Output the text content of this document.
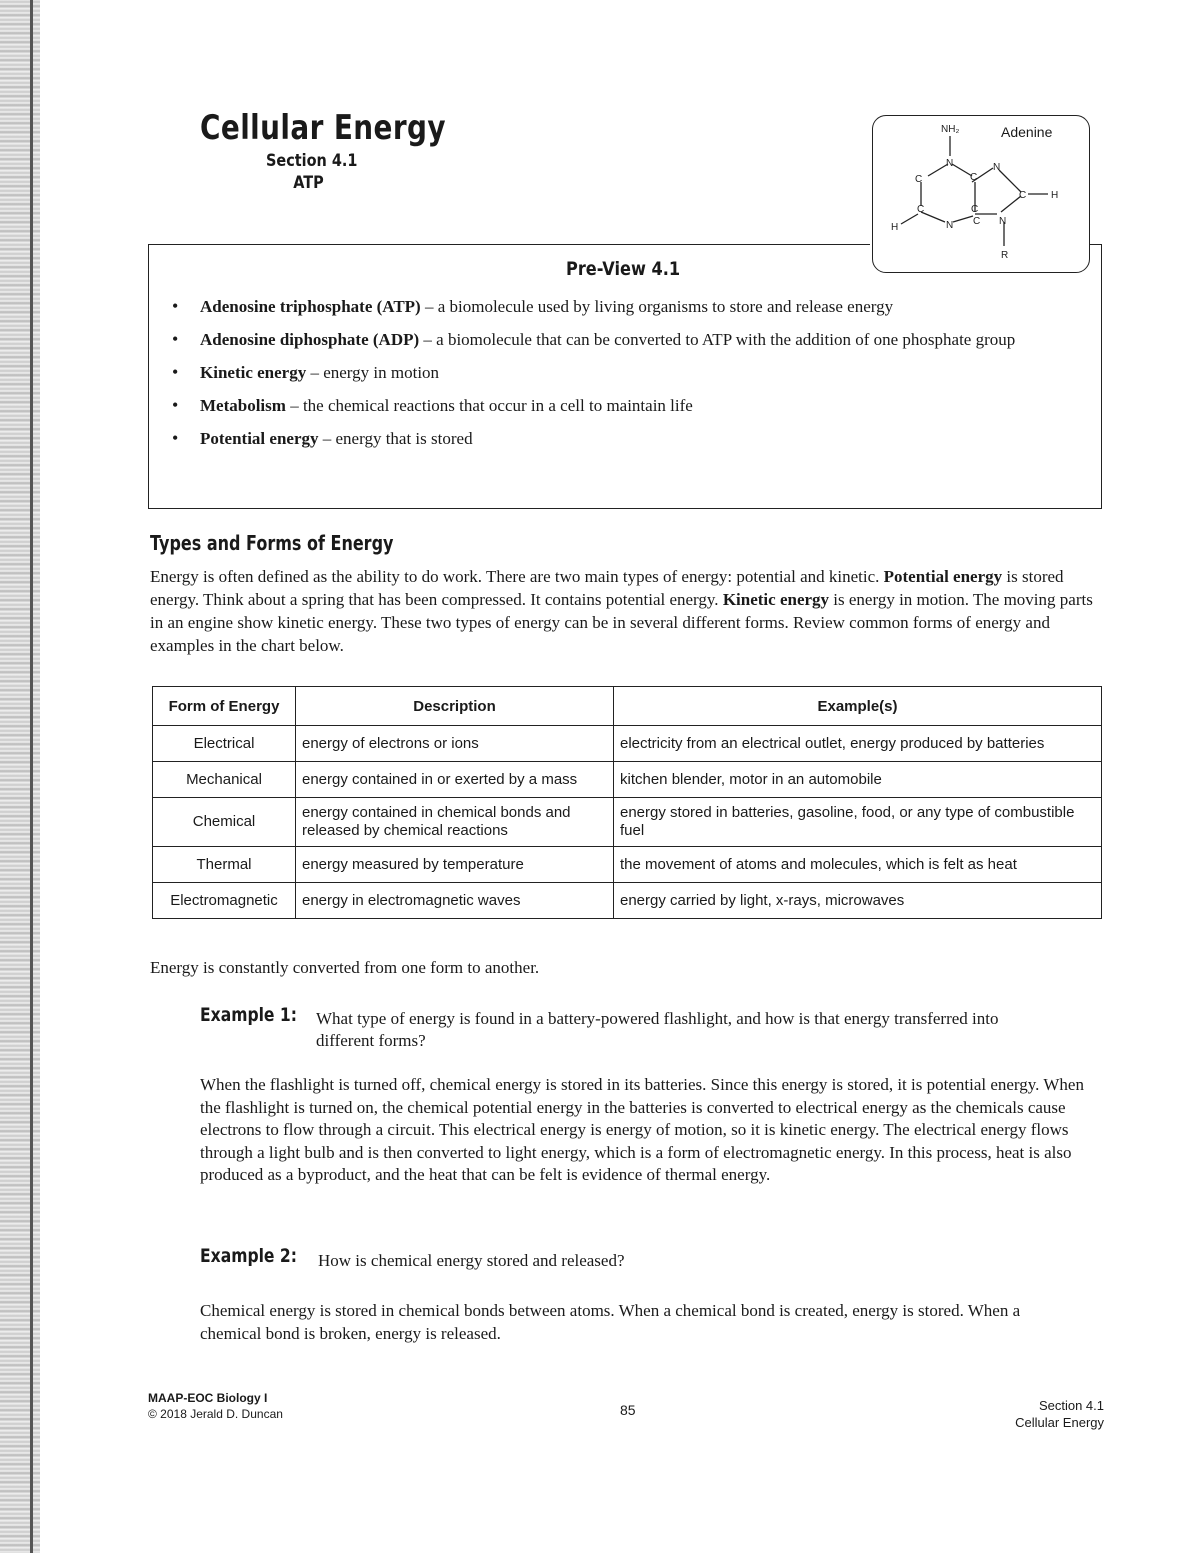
Cellular Energy
Section 4.1
ATP
Adenine
NH₂
N
C	C
N
C H
C
N
C
N
C
H
R
Pre-View 4.1
• Adenosine triphosphate (ATP) – a biomolecule used by living organisms to store and release energy
• Adenosine diphosphate (ADP) – a biomolecule that can be converted to ATP with the addition of one phosphate group
• Kinetic energy – energy in motion
• Metabolism – the chemical reactions that occur in a cell to maintain life
• Potential energy – energy that is stored
Types and Forms of Energy

Energy is often defined as the ability to do work. There are two main types of energy: potential and kinetic. Potential energy is stored energy. Think about a spring that has been compressed. It contains potential energy. Kinetic energy is energy in motion. The moving parts in an engine show kinetic energy. These two types of energy can be in several different forms. Review common forms of energy and examples in the chart below.

Form of Energy	Description	Example(s)
Electrical	energy of electrons or ions	electricity from an electrical outlet, energy produced by batteries
Mechanical	energy contained in or exerted by a mass	kitchen blender, motor in an automobile
Chemical	energy contained in chemical bonds and released by chemical reactions	energy stored in batteries, gasoline, food, or any type of combustible fuel
Thermal	energy measured by temperature	the movement of atoms and molecules, which is felt as heat
Electromagnetic	energy in electromagnetic waves	energy carried by light, x-rays, microwaves

Energy is constantly converted from one form to another.

Example 1: What type of energy is found in a battery-powered flashlight, and how is that energy transferred into different forms?

When the flashlight is turned off, chemical energy is stored in its batteries. Since this energy is stored, it is potential energy. When the flashlight is turned on, the chemical potential energy in the batteries is converted to electrical energy as the chemicals cause electrons to flow through a circuit. This electrical energy is energy of motion, so it is kinetic energy. The electrical energy flows through a light bulb and is then converted to light energy, which is a form of electromagnetic energy. In this process, heat is also produced as a byproduct, and the heat that can be felt is evidence of thermal energy.

Example 2: How is chemical energy stored and released?

Chemical energy is stored in chemical bonds between atoms. When a chemical bond is created, energy is stored. When a chemical bond is broken, energy is released.

MAAP-EOC Biology I
© 2018 Jerald D. Duncan	85	Section 4.1
Cellular Energy
